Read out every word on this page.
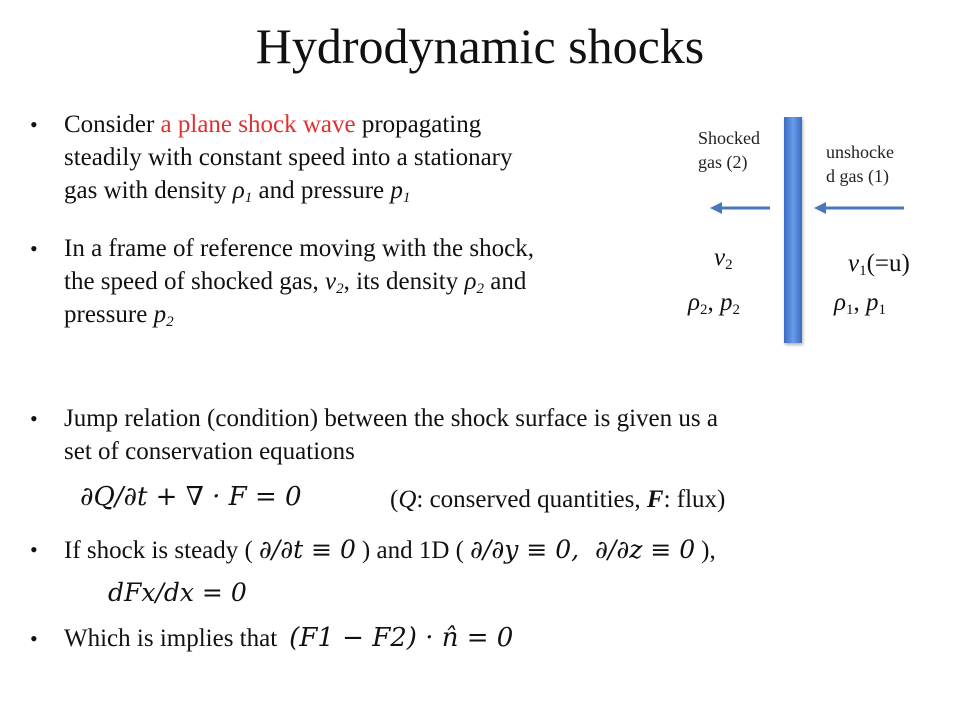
Hydrodynamic shocks
• Consider a plane shock wave propagating
steadily with constant speed into a stationary
gas with density $\rho_1$ and pressure $p_1$
• In a frame of reference moving with the shock,
the speed of shocked gas, $v_2$, its density $\rho_2$ and
pressure $p_2$
• Jump relation (condition) between the shock surface is given us a
set of conservation equations
∂Q/∂t + ∇ · F = 0	(Q: conserved quantities, F: flux)
• If shock is steady ( ∂/∂t ≡ 0 ) and 1D ( ∂/∂y ≡ 0,  ∂/∂z ≡ 0 ),
dFx/dx = 0
• Which is implies that (F1 − F2) · n̂ = 0
Shocked
gas (2)	unshocke
d gas (1)
$v_2$	$v_1(=u)$
$\rho_2$, $p_2$	$\rho_1$, $p_1$
